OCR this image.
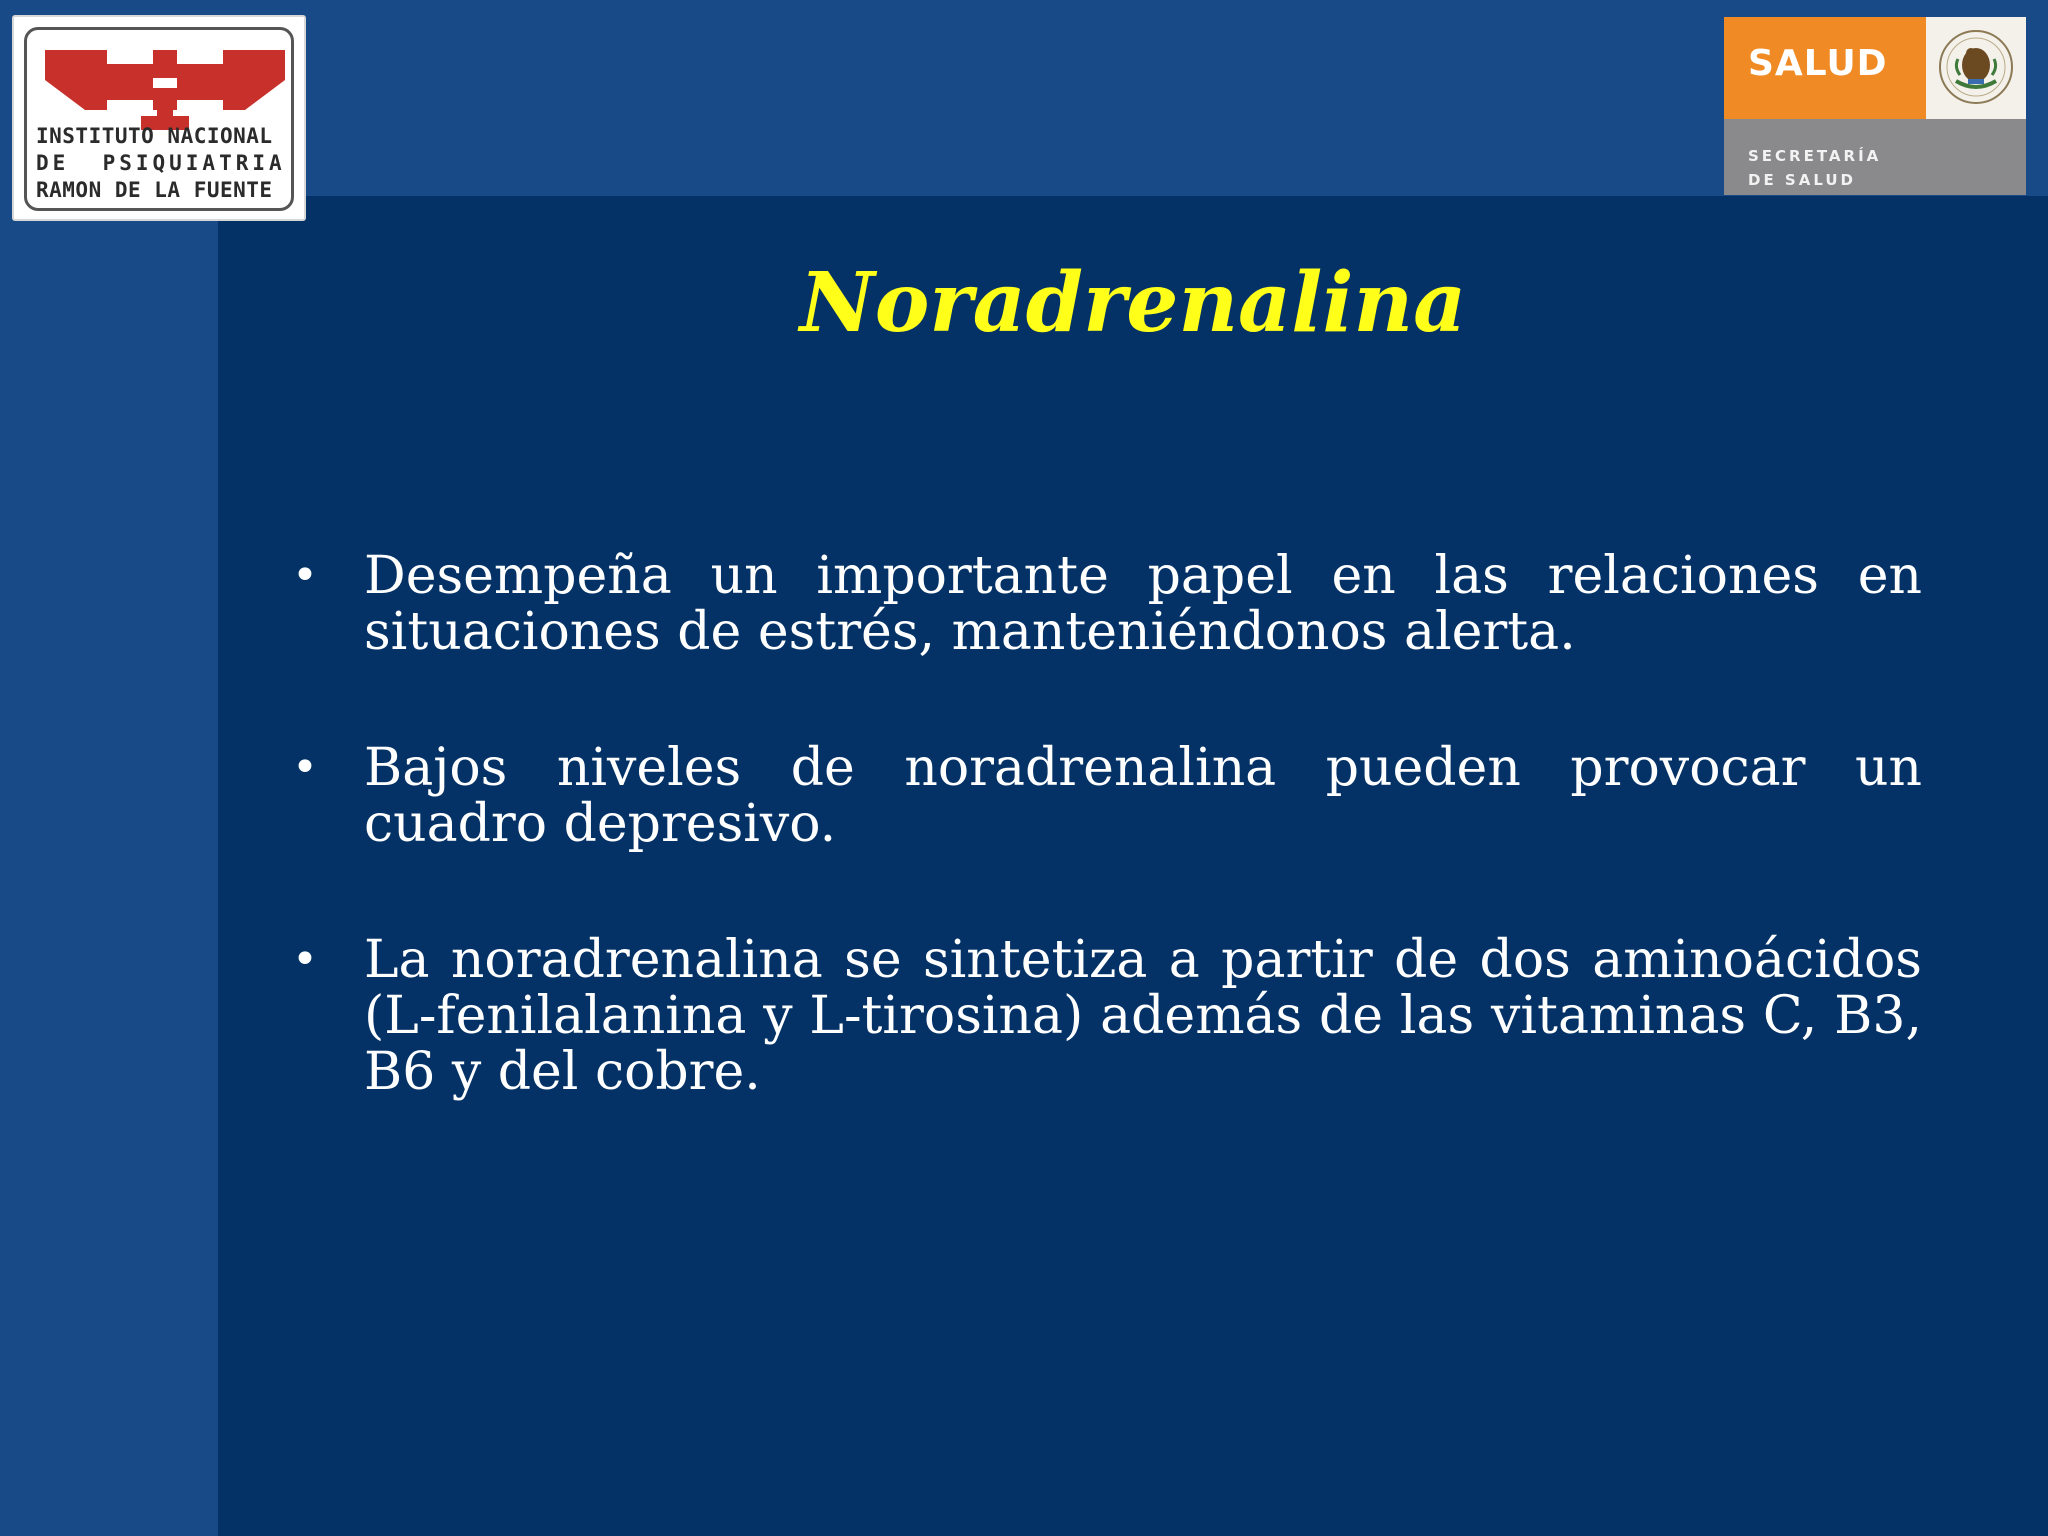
INSTITUTO NACIONAL
DE  PSIQUIATRIA
RAMON DE LA FUENTE
SALUD
SECRETARÍA
DE SALUD
Noradrenalina
• Desempeña un importante papel en las relaciones en situaciones de estrés, manteniéndonos alerta.
• Bajos niveles de noradrenalina pueden provocar un cuadro depresivo.
• La noradrenalina se sintetiza a partir de dos aminoácidos (L-fenilalanina y L-tirosina) además de las vitaminas C, B3, B6 y del cobre.
